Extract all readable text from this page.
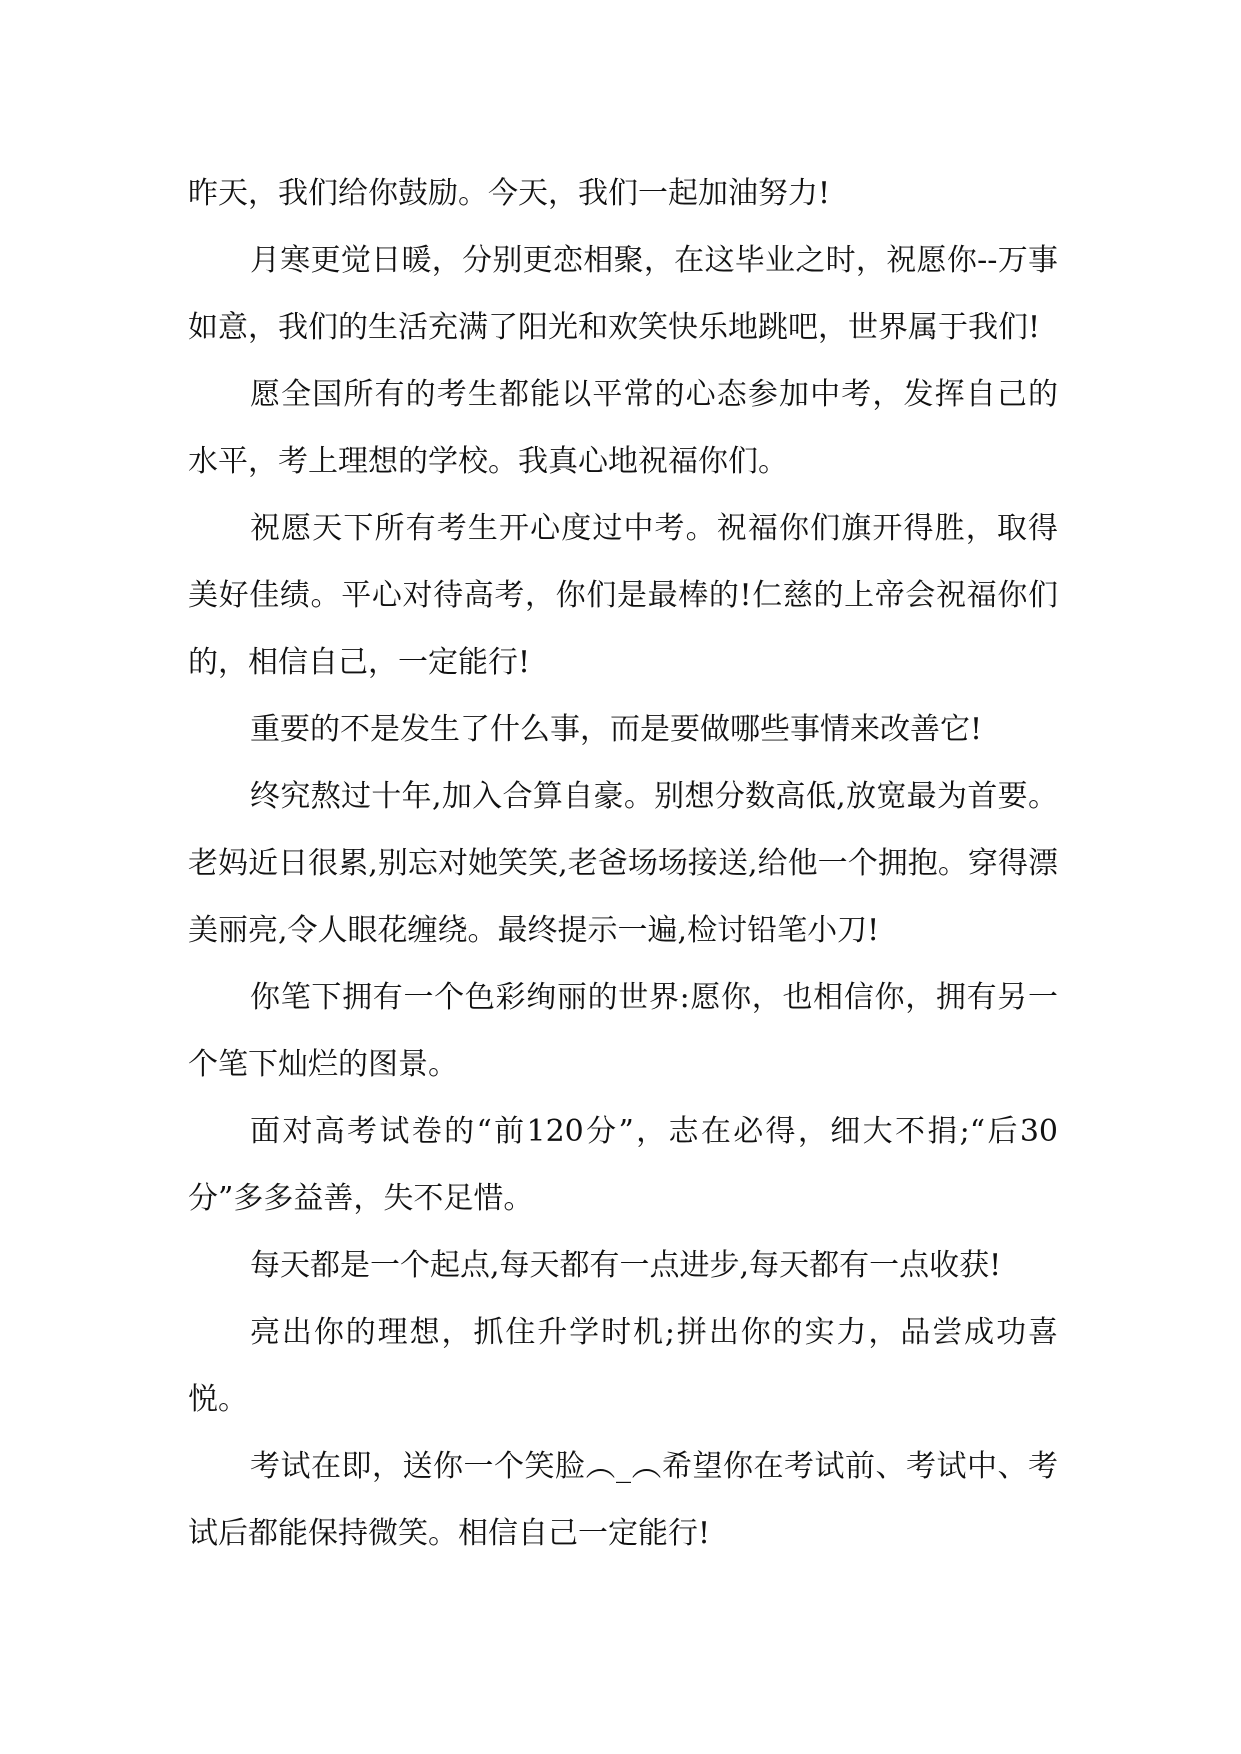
昨天，我们给你鼓励。今天，我们一起加油努力!

月寒更觉日暖，分别更恋相聚，在这毕业之时，祝愿你--万事如意，我们的生活充满了阳光和欢笑快乐地跳吧，世界属于我们!

愿全国所有的考生都能以平常的心态参加中考，发挥自己的水平，考上理想的学校。我真心地祝福你们。

祝愿天下所有考生开心度过中考。祝福你们旗开得胜，取得美好佳绩。平心对待高考，你们是最棒的!仁慈的上帝会祝福你们的，相信自己，一定能行!

重要的不是发生了什么事，而是要做哪些事情来改善它!

终究熬过十年,加入合算自豪。别想分数高低,放宽最为首要。老妈近日很累,别忘对她笑笑,老爸场场接送,给他一个拥抱。穿得漂美丽亮,令人眼花缠绕。最终提示一遍,检讨铅笔小刀!

你笔下拥有一个色彩绚丽的世界:愿你，也相信你，拥有另一个笔下灿烂的图景。

面对高考试卷的“前120分”，志在必得，细大不捐;“后30分”多多益善，失不足惜。

每天都是一个起点,每天都有一点进步,每天都有一点收获!

亮出你的理想，抓住升学时机;拼出你的实力，品尝成功喜悦。

考试在即，送你一个笑脸︵_︵希望你在考试前、考试中、考试后都能保持微笑。相信自己一定能行!
